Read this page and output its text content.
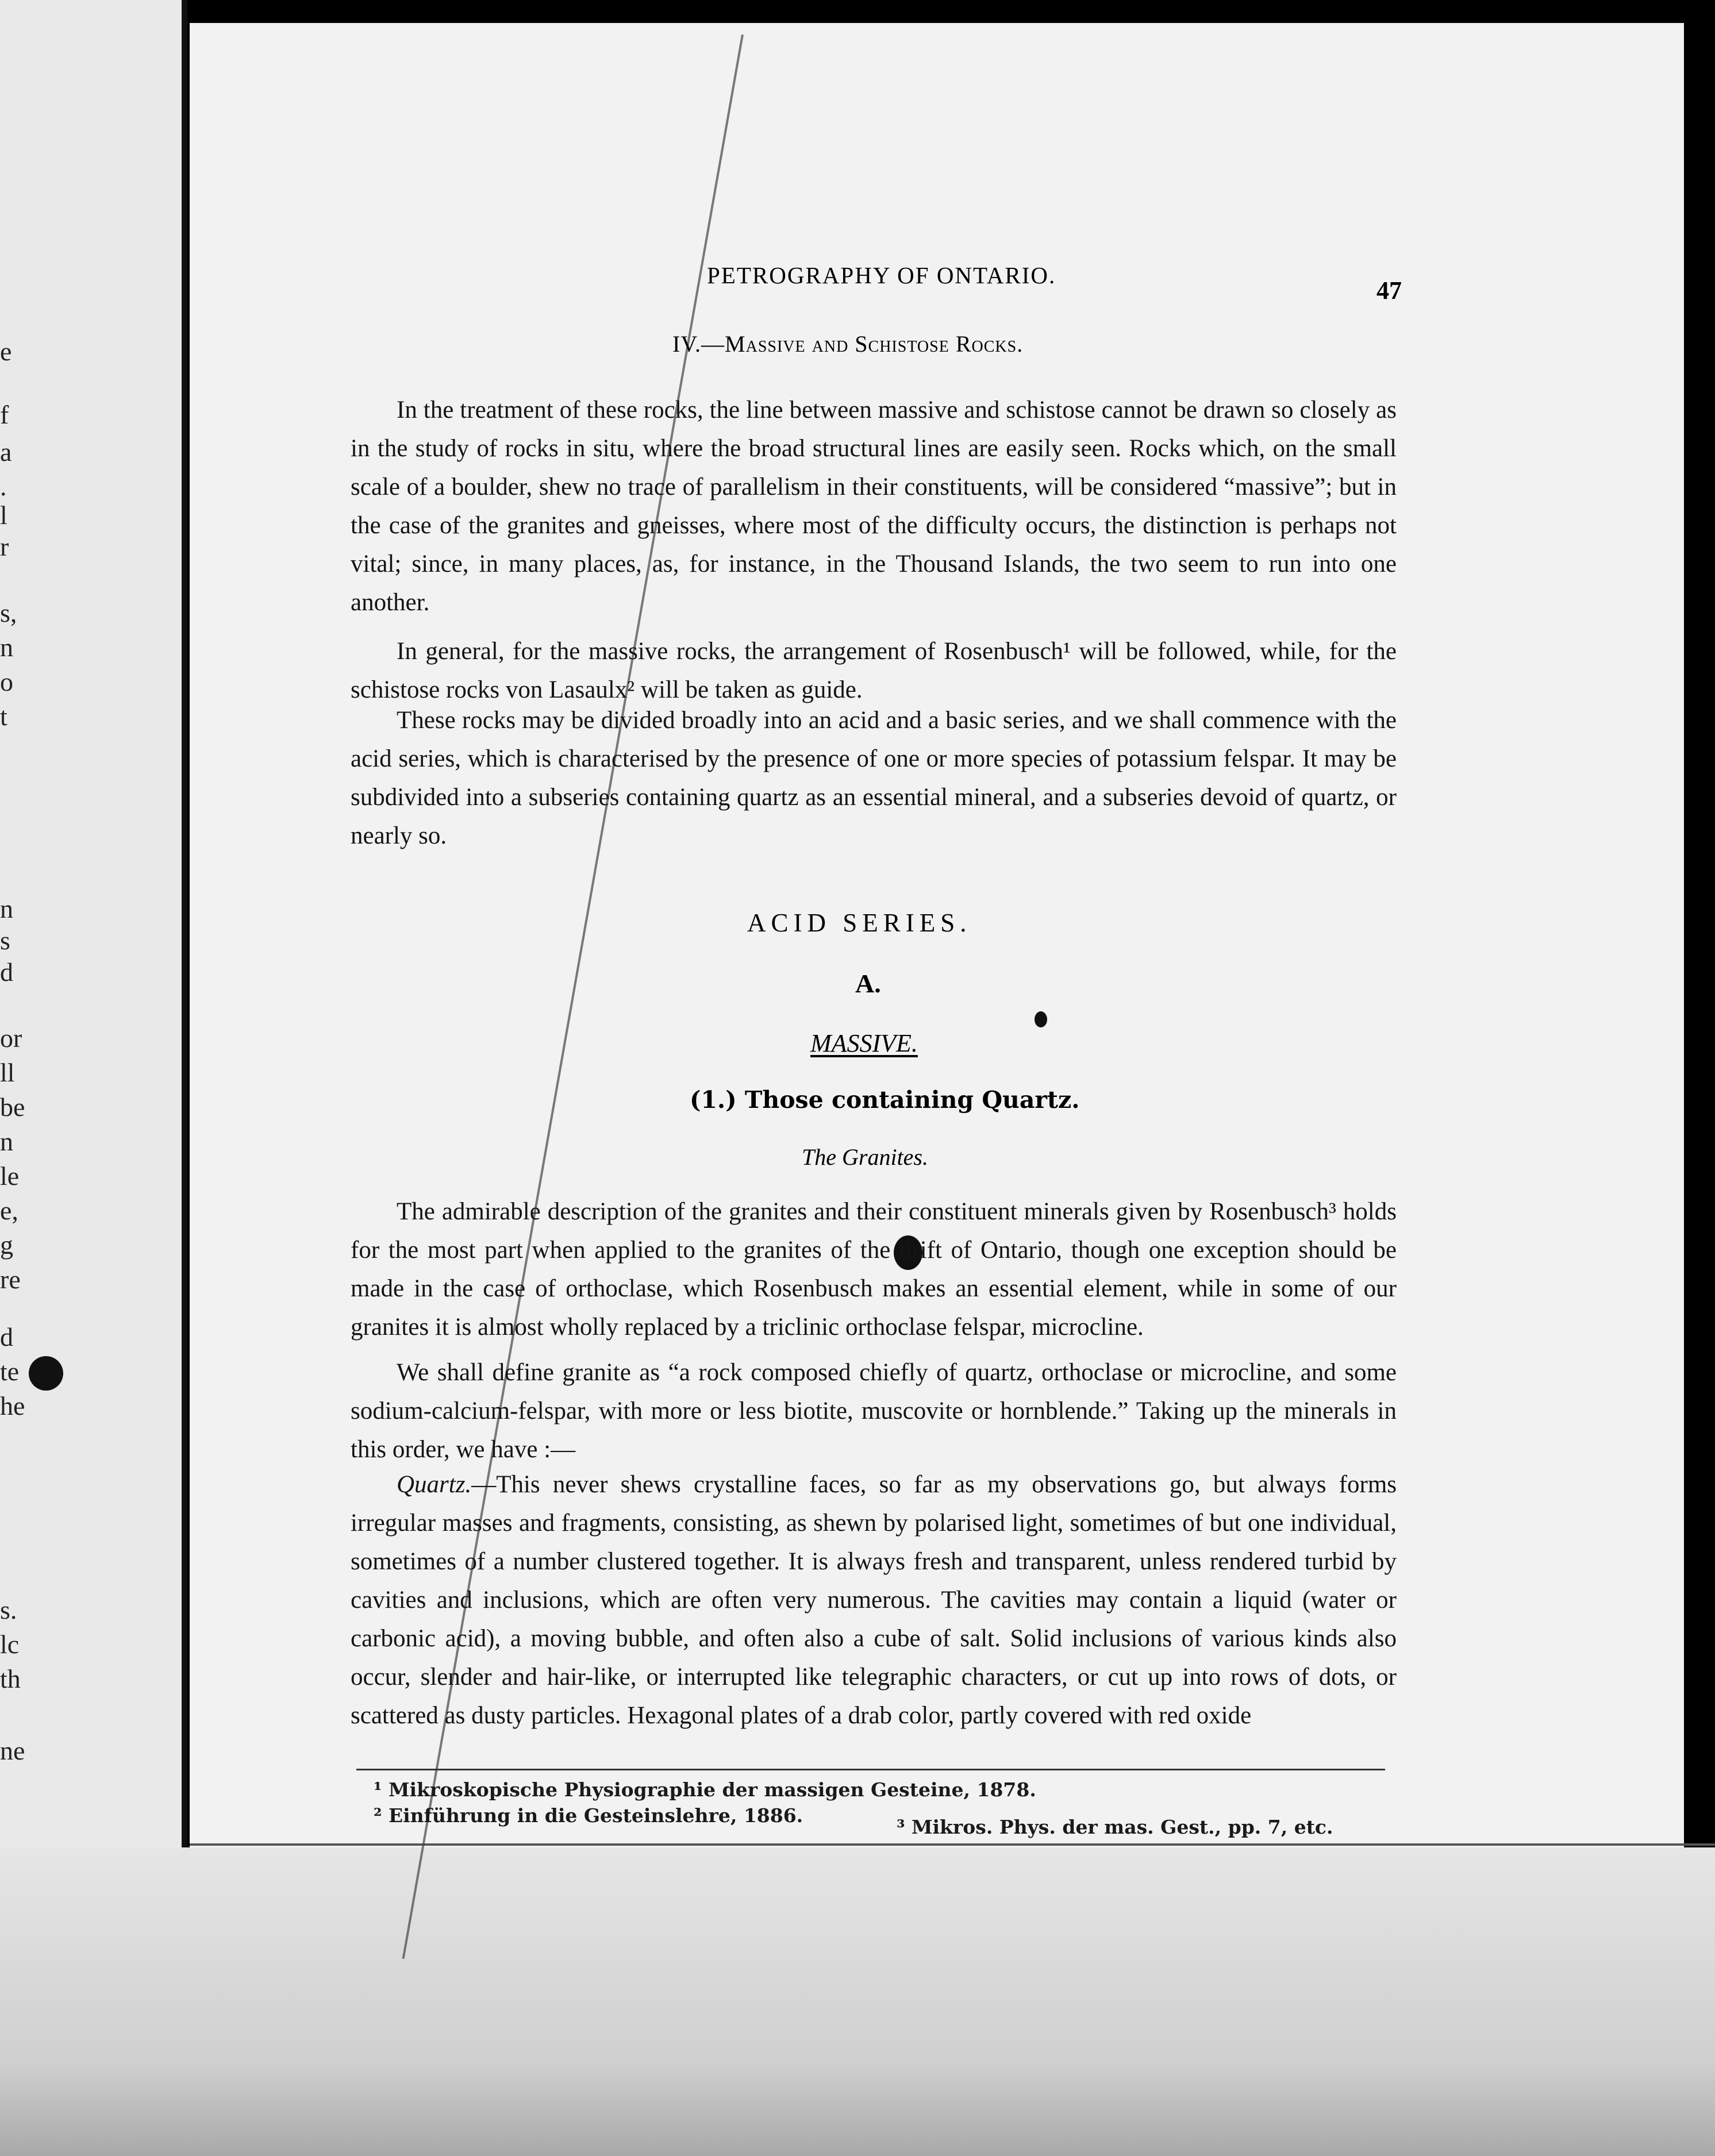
e
f
a
.
l
r
s,
n
o
t
n
s
d
or
ll
be
n
le
e,
g
re
d
te
he
s.
lc
th
ne
PETROGRAPHY OF ONTARIO.
47
IV.—Massive and Schistose Rocks.
In the treatment of these rocks, the line between massive and schistose cannot be drawn so closely as in the study of rocks in situ, where the broad structural lines are easily seen. Rocks which, on the small scale of a boulder, shew no trace of parallelism in their constituents, will be considered “massive”; but in the case of the granites and gneisses, where most of the difficulty occurs, the distinction is perhaps not vital; since, in many places, as, for instance, in the Thousand Islands, the two seem to run into one another.
In general, for the massive rocks, the arrangement of Rosenbusch¹ will be followed, while, for the schistose rocks von Lasaulx² will be taken as guide.
These rocks may be divided broadly into an acid and a basic series, and we shall commence with the acid series, which is characterised by the presence of one or more species of potassium felspar. It may be subdivided into a subseries containing quartz as an essential mineral, and a subseries devoid of quartz, or nearly so.
ACID SERIES.
A.
MASSIVE.
(1.) Those containing Quartz.
The Granites.
The admirable description of the granites and their constituent minerals given by Rosenbusch³ holds for the most part when applied to the granites of the drift of Ontario, though one exception should be made in the case of orthoclase, which Rosenbusch makes an essential element, while in some of our granites it is almost wholly replaced by a triclinic orthoclase felspar, microcline.
We shall define granite as “a rock composed chiefly of quartz, orthoclase or microcline, and some sodium-calcium-felspar, with more or less biotite, muscovite or hornblende.” Taking up the minerals in this order, we have :—
Quartz.—This never shews crystalline faces, so far as my observations go, but always forms irregular masses and fragments, consisting, as shewn by polarised light, sometimes of but one individual, sometimes of a number clustered together. It is always fresh and transparent, unless rendered turbid by cavities and inclusions, which are often very numerous. The cavities may contain a liquid (water or carbonic acid), a moving bubble, and often also a cube of salt. Solid inclusions of various kinds also occur, slender and hair-like, or interrupted like telegraphic characters, or cut up into rows of dots, or scattered as dusty particles. Hexagonal plates of a drab color, partly covered with red oxide
¹ Mikroskopische Physiographie der massigen Gesteine, 1878.
² Einführung in die Gesteinslehre, 1886.
³ Mikros. Phys. der mas. Gest., pp. 7, etc.
